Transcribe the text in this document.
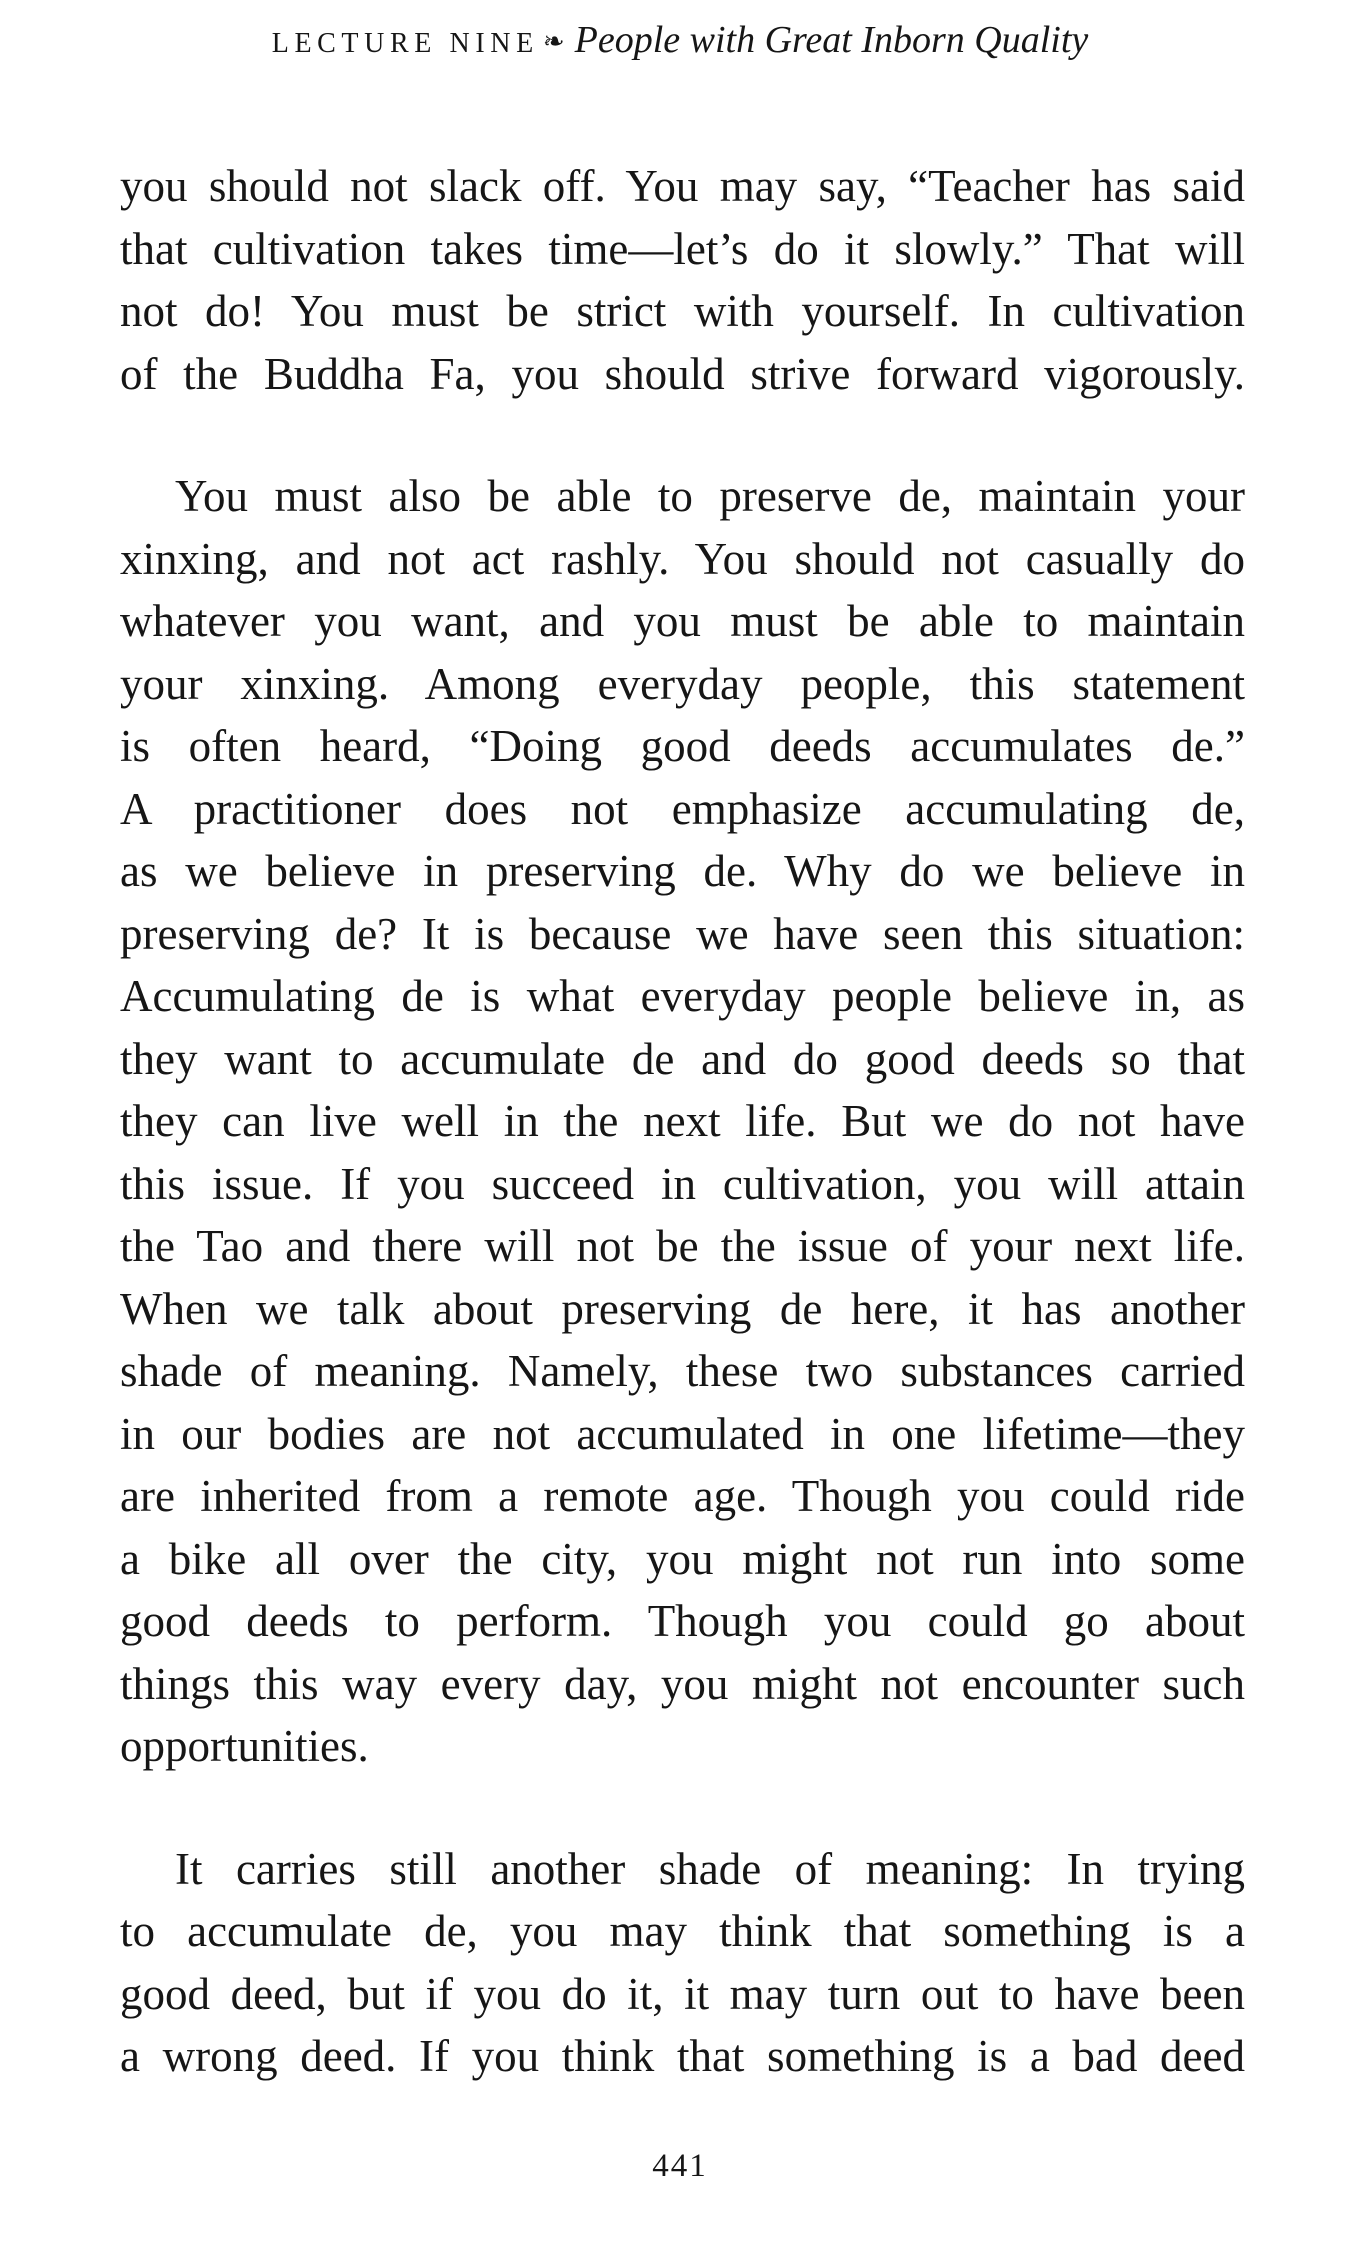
LECTURE NINE ❧ People with Great Inborn Quality
you should not slack off. You may say, “Teacher has said
that cultivation takes time—let’s do it slowly.” That will
not do! You must be strict with yourself. In cultivation
of the Buddha Fa, you should strive forward vigorously.
You must also be able to preserve de, maintain your
xinxing, and not act rashly. You should not casually do
whatever you want, and you must be able to maintain
your xinxing. Among everyday people, this statement
is often heard, “Doing good deeds accumulates de.”
A practitioner does not emphasize accumulating de,
as we believe in preserving de. Why do we believe in
preserving de? It is because we have seen this situation:
Accumulating de is what everyday people believe in, as
they want to accumulate de and do good deeds so that
they can live well in the next life. But we do not have
this issue. If you succeed in cultivation, you will attain
the Tao and there will not be the issue of your next life.
When we talk about preserving de here, it has another
shade of meaning. Namely, these two substances carried
in our bodies are not accumulated in one lifetime—they
are inherited from a remote age. Though you could ride
a bike all over the city, you might not run into some
good deeds to perform. Though you could go about
things this way every day, you might not encounter such
opportunities.
It carries still another shade of meaning: In trying
to accumulate de, you may think that something is a
good deed, but if you do it, it may turn out to have been
a wrong deed. If you think that something is a bad deed
441
